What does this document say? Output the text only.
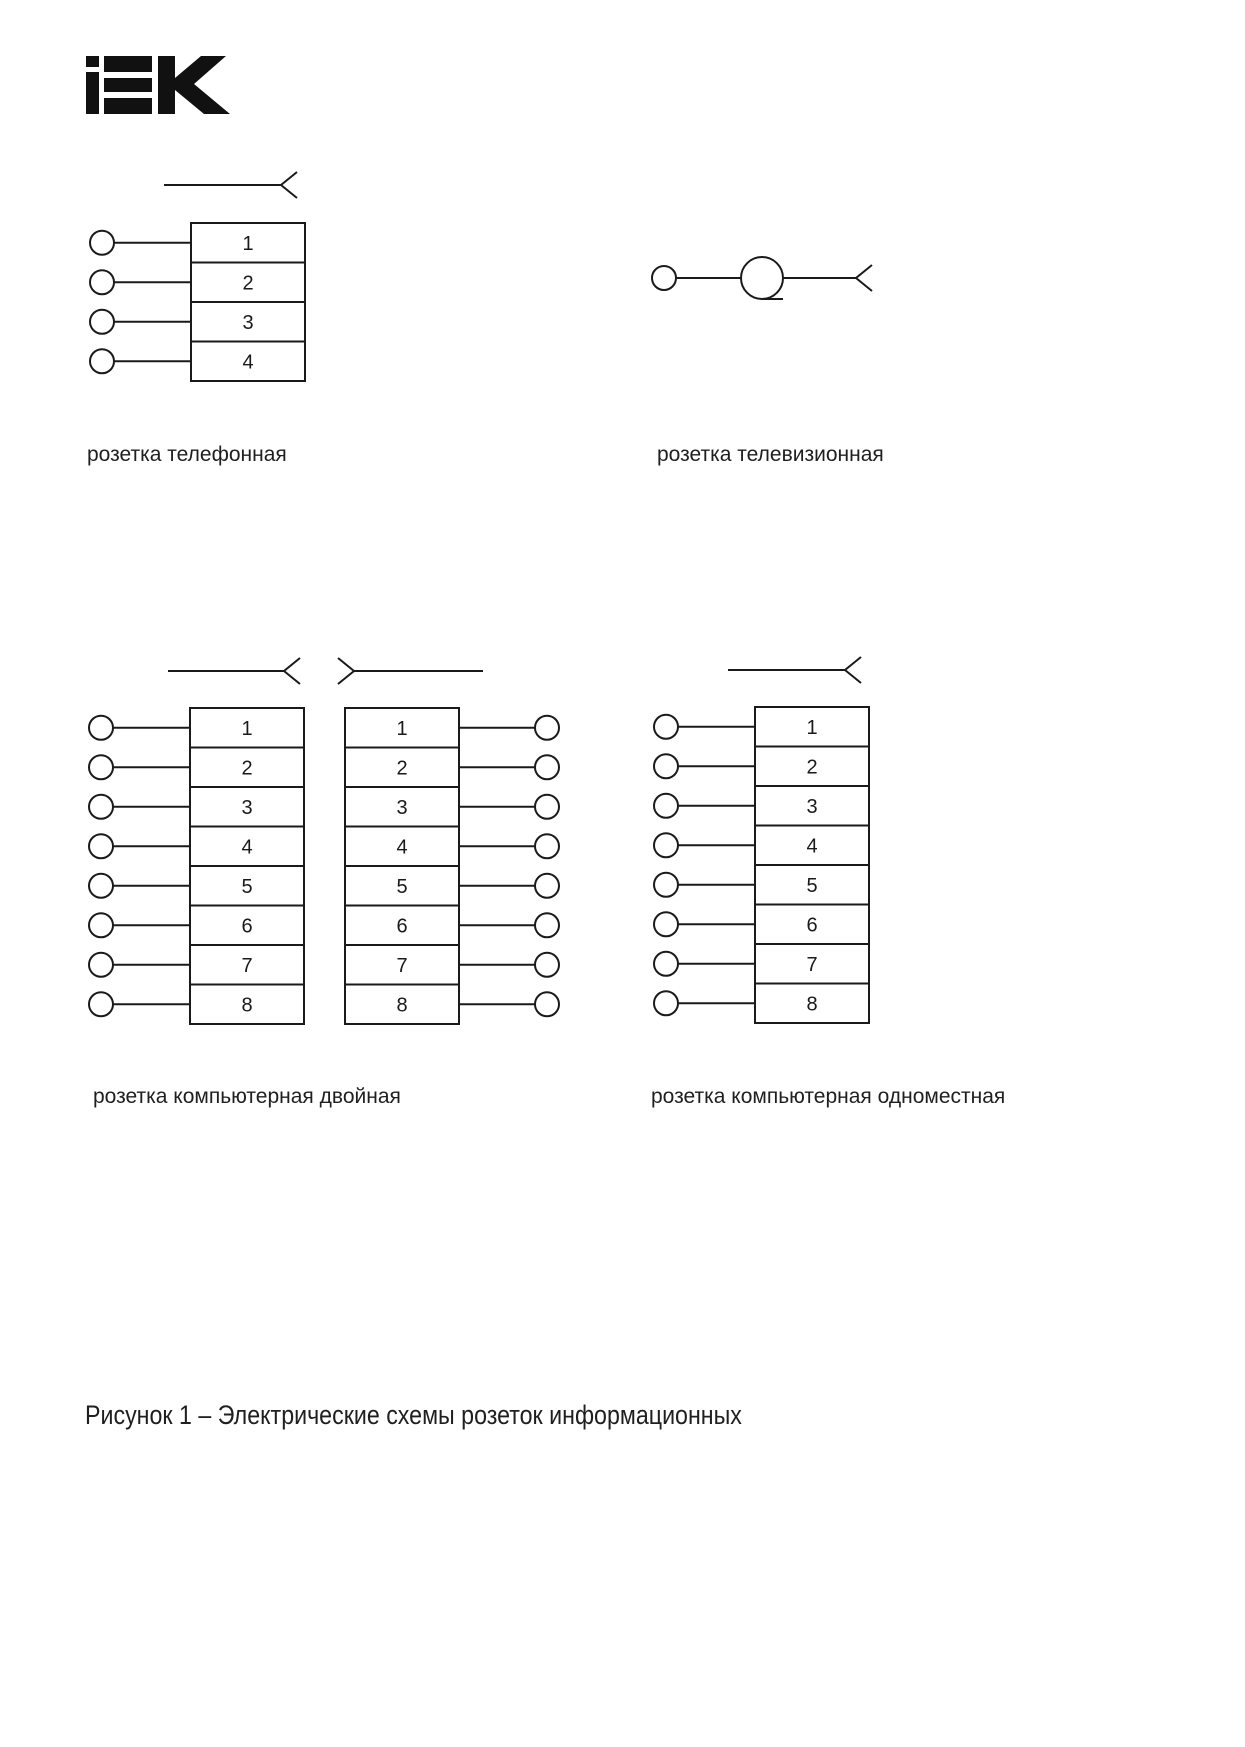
1
2
3
4
1
2
3
4
5
6
7
8
1
2
3
4
5
6
7
8
1
2
3
4
5
6
7
8
розетка телефонная	розетка телевизионная
розетка компьютерная двойная	розетка компьютерная одноместная
Рисунок 1 – Электрические схемы розеток информационных
